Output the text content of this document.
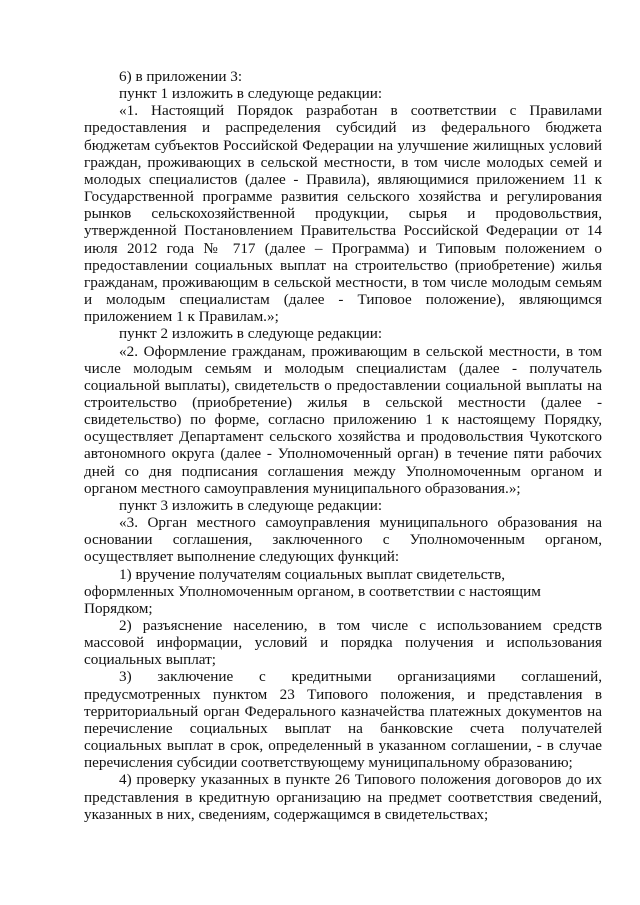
6) в приложении 3:

пункт 1 изложить в следующе редакции:

«1. Настоящий Порядок разработан в соответствии с Правилами предоставления и распределения субсидий из федерального бюджета бюджетам субъектов Российской Федерации на улучшение жилищных условий граждан, проживающих в сельской местности, в том числе молодых семей и молодых специалистов (далее - Правила), являющимися приложением 11 к Государственной программе развития сельского хозяйства и регулирования рынков сельскохозяйственной продукции, сырья и продовольствия, утвержденной Постановлением Правительства Российской Федерации от 14 июля 2012 года № 717 (далее – Программа) и Типовым положением о предоставлении социальных выплат на строительство (приобретение) жилья гражданам, проживающим в сельской местности, в том числе молодым семьям и молодым специалистам (далее - Типовое положение), являющимся приложением 1 к Правилам.»;

пункт 2 изложить в следующе редакции:

«2. Оформление гражданам, проживающим в сельской местности, в том числе молодым семьям и молодым специалистам (далее - получатель социальной выплаты), свидетельств о предоставлении социальной выплаты на строительство (приобретение) жилья в сельской местности (далее - свидетельство) по форме, согласно приложению 1 к настоящему Порядку, осуществляет Департамент сельского хозяйства и продовольствия Чукотского автономного округа (далее - Уполномоченный орган) в течение пяти рабочих дней со дня подписания соглашения между Уполномоченным органом и органом местного самоуправления муниципального образования.»;

пункт 3 изложить в следующе редакции:

«3. Орган местного самоуправления муниципального образования на основании соглашения, заключенного с Уполномоченным органом, осуществляет выполнение следующих функций:

1) вручение получателям социальных выплат свидетельств,

оформленных Уполномоченным органом, в соответствии с настоящим

Порядком;

2) разъяснение населению, в том числе с использованием средств массовой информации, условий и порядка получения и использования социальных выплат;

3) заключение с кредитными организациями соглашений, предусмотренных пунктом 23 Типового положения, и представления в территориальный орган Федерального казначейства платежных документов на перечисление социальных выплат на банковские счета получателей социальных выплат в срок, определенный в указанном соглашении, - в случае перечисления субсидии соответствующему муниципальному образованию;

4) проверку указанных в пункте 26 Типового положения договоров до их представления в кредитную организацию на предмет соответствия сведений, указанных в них, сведениям, содержащимся в свидетельствах;
